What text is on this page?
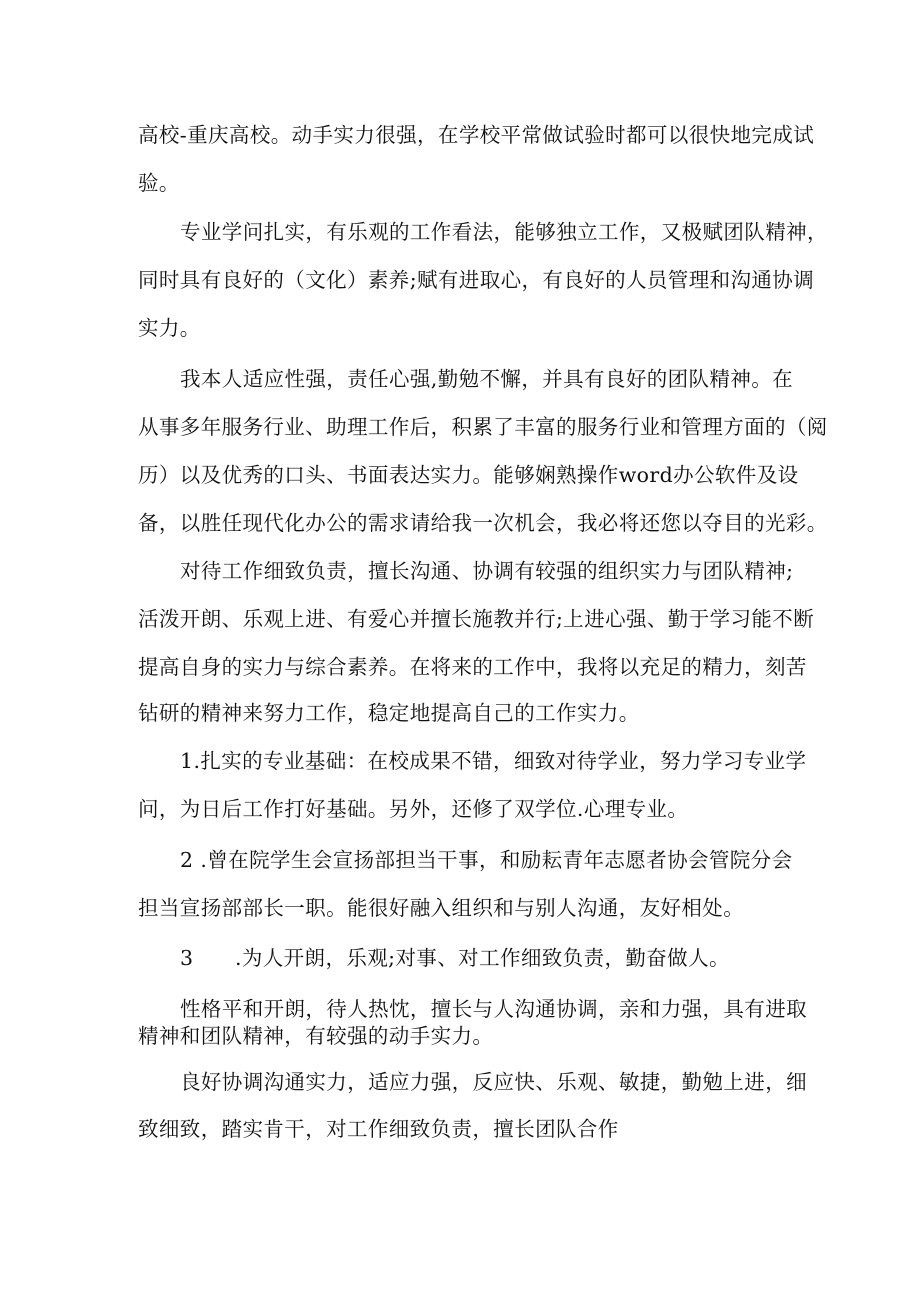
高校-重庆高校。动手实力很强，在学校平常做试验时都可以很快地完成试

验。

专业学问扎实，有乐观的工作看法，能够独立工作，又极赋团队精神，

同时具有良好的（文化）素养;赋有进取心，有良好的人员管理和沟通协调

实力。

我本人适应性强，责任心强,勤勉不懈，并具有良好的团队精神。在

从事多年服务行业、助理工作后，积累了丰富的服务行业和管理方面的（阅

历）以及优秀的口头、书面表达实力。能够娴熟操作word办公软件及设

备，以胜任现代化办公的需求请给我一次机会，我必将还您以夺目的光彩。

对待工作细致负责，擅长沟通、协调有较强的组织实力与团队精神;

活泼开朗、乐观上进、有爱心并擅长施教并行;上进心强、勤于学习能不断

提高自身的实力与综合素养。在将来的工作中，我将以充足的精力，刻苦

钻研的精神来努力工作，稳定地提高自己的工作实力。

1.扎实的专业基础：在校成果不错，细致对待学业，努力学习专业学

问，为日后工作打好基础。另外，还修了双学位.心理专业。

2 .曾在院学生会宣扬部担当干事，和励耘青年志愿者协会管院分会

担当宣扬部部长一职。能很好融入组织和与别人沟通，友好相处。

3      .为人开朗，乐观;对事、对工作细致负责，勤奋做人。

性格平和开朗，待人热忱，擅长与人沟通协调，亲和力强，具有进取

精神和团队精神，有较强的动手实力。

良好协调沟通实力，适应力强，反应快、乐观、敏捷，勤勉上进，细

致细致，踏实肯干，对工作细致负责，擅长团队合作
